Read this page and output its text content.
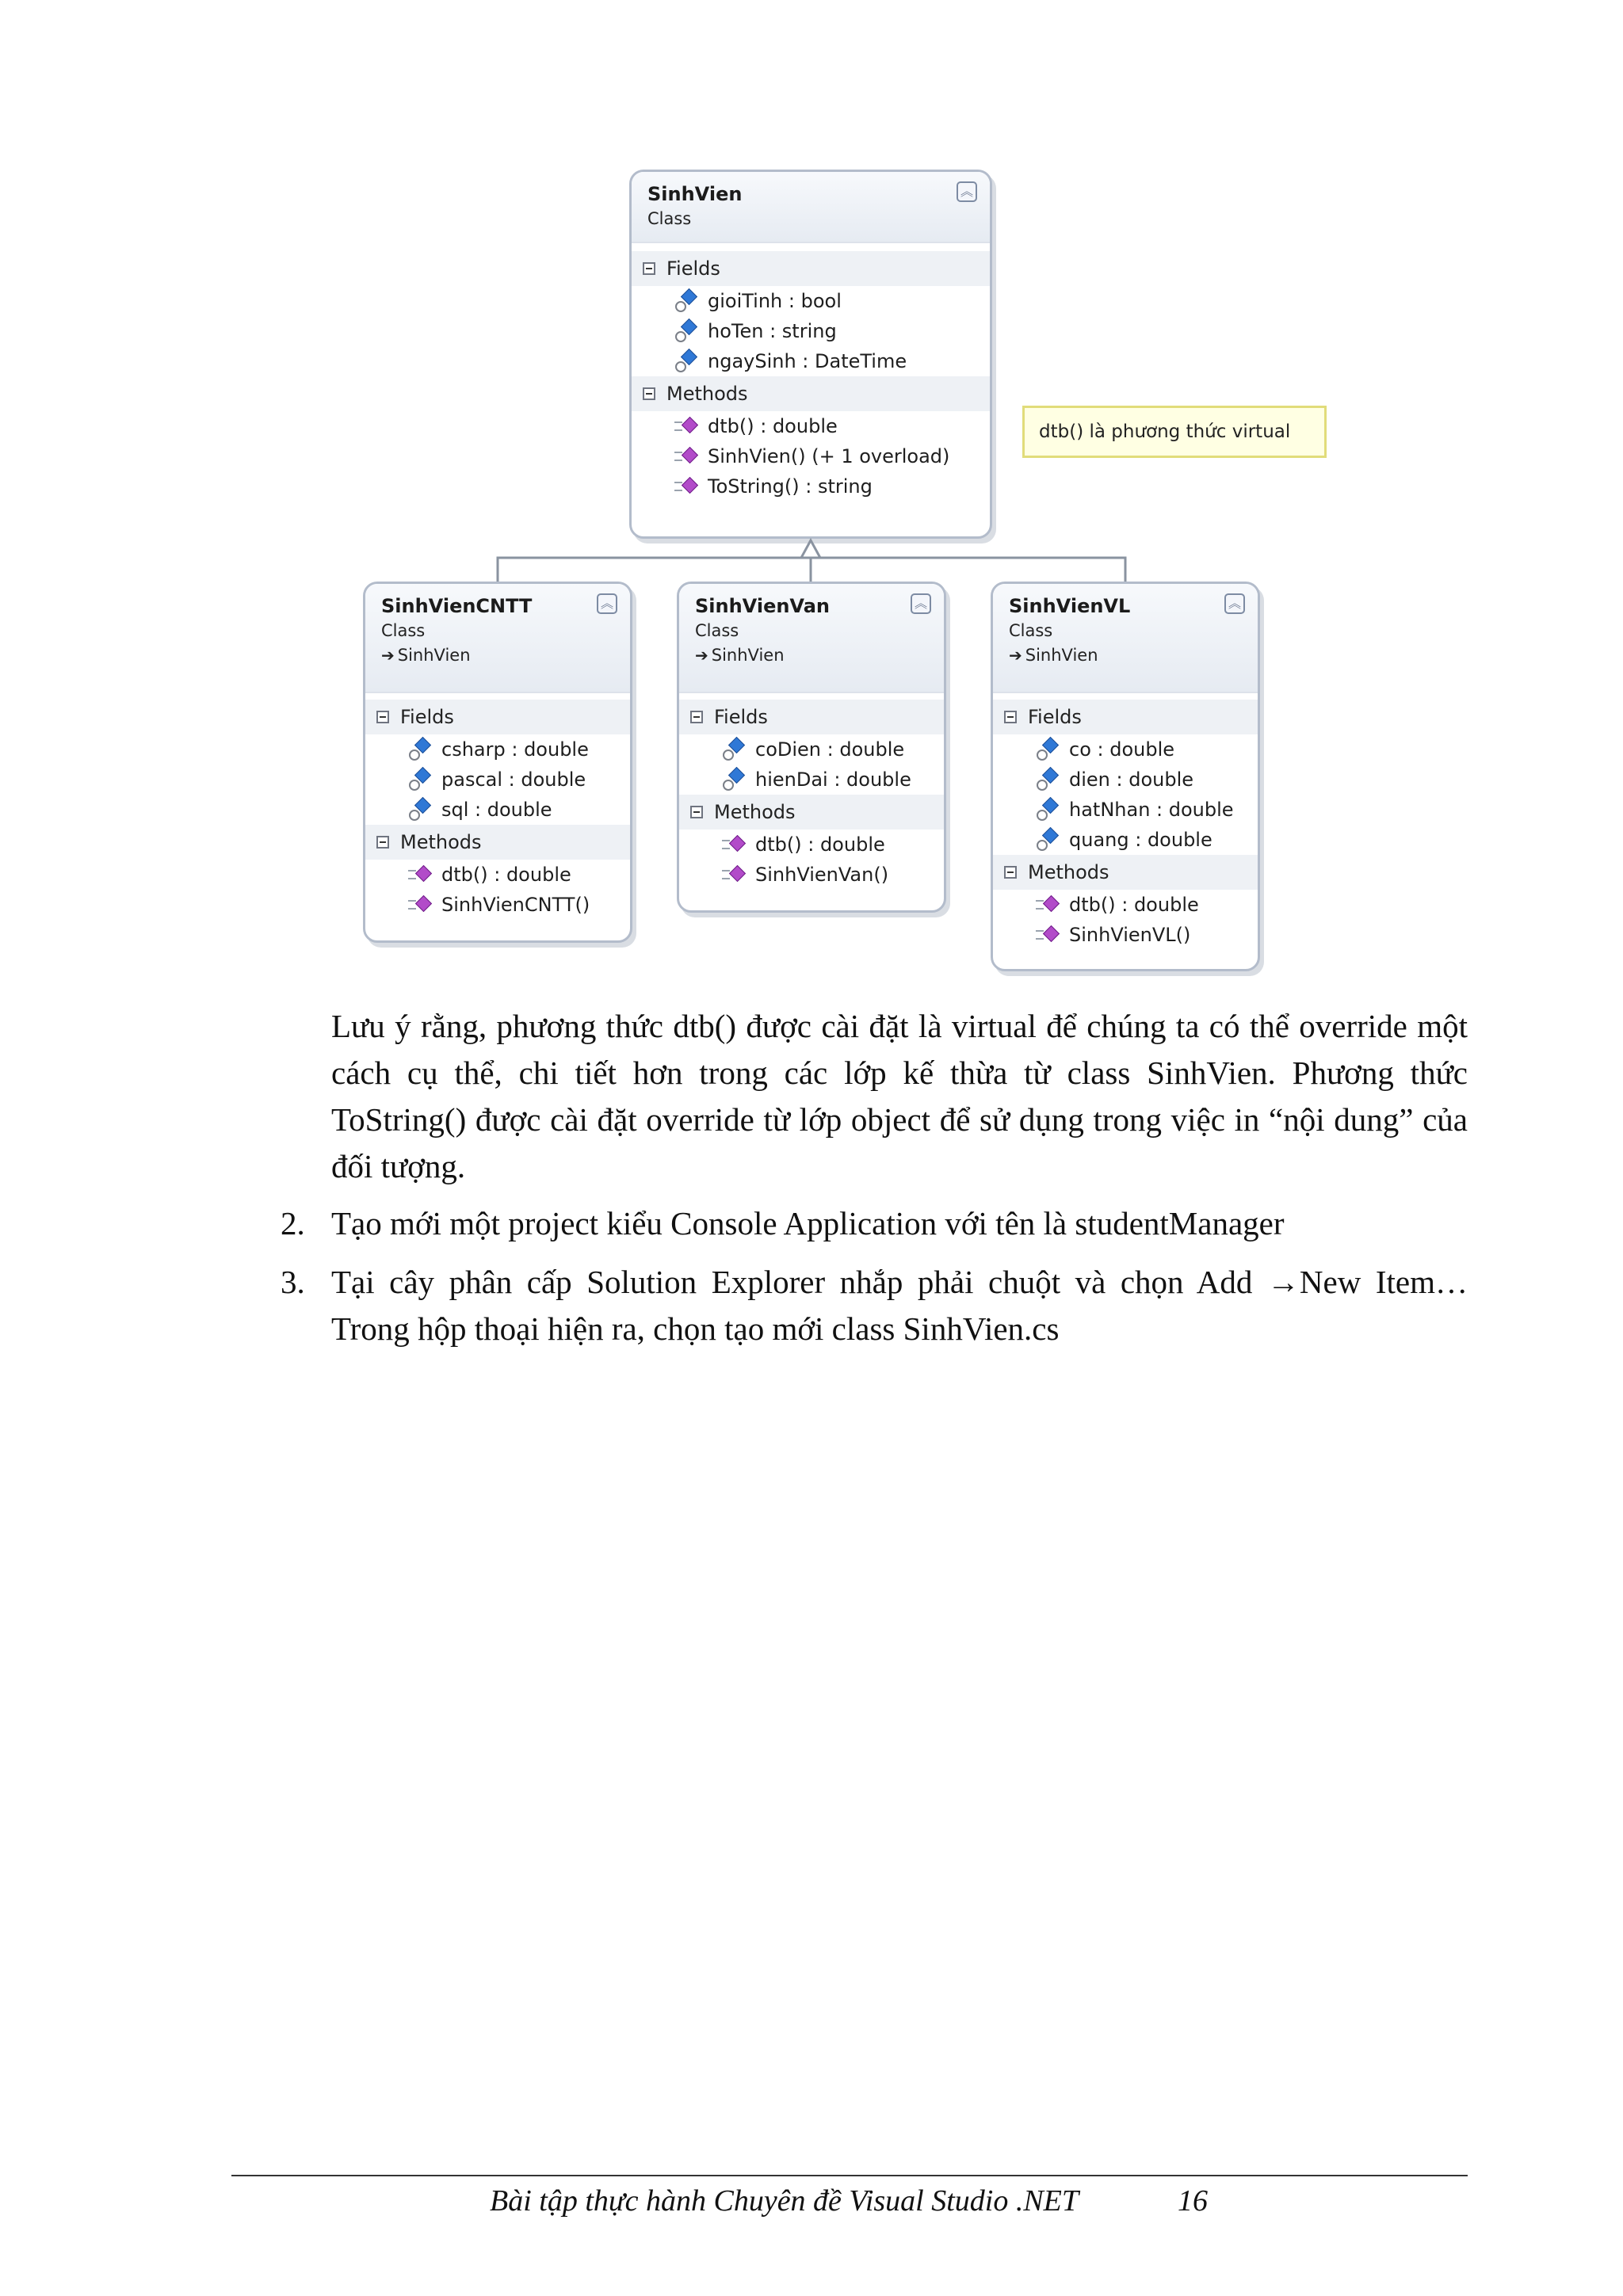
SinhVien
Class
︽
Fields
gioiTinh : bool
hoTen : string
ngaySinh : DateTime
Methods
dtb() : double
SinhVien() (+ 1 overload)
ToString() : string
dtb() là phương thức virtual
SinhVienCNTT
Class
➔ SinhVien
︽
Fields
csharp : double
pascal : double
sql : double
Methods
dtb() : double
SinhVienCNTT()
SinhVienVan
Class
➔ SinhVien
︽
Fields
coDien : double
hienDai : double
Methods
dtb() : double
SinhVienVan()
SinhVienVL
Class
➔ SinhVien
︽
Fields
co : double
dien : double
hatNhan : double
quang : double
Methods
dtb() : double
SinhVienVL()
Lưu ý rằng, phương thức dtb() được cài đặt là virtual để chúng ta có thể override một cách cụ thể, chi tiết hơn trong các lớp kế thừa từ class SinhVien. Phương thức ToString() được cài đặt override từ lớp object để sử dụng trong việc in “nội dung” của đối tượng.
2. Tạo mới một project kiểu Console Application với tên là studentManager
3. Tại cây phân cấp Solution Explorer nhắp phải chuột và chọn Add →New Item… Trong hộp thoại hiện ra, chọn tạo mới class SinhVien.cs
Bài tập thực hành Chuyên đề Visual Studio .NET	16
